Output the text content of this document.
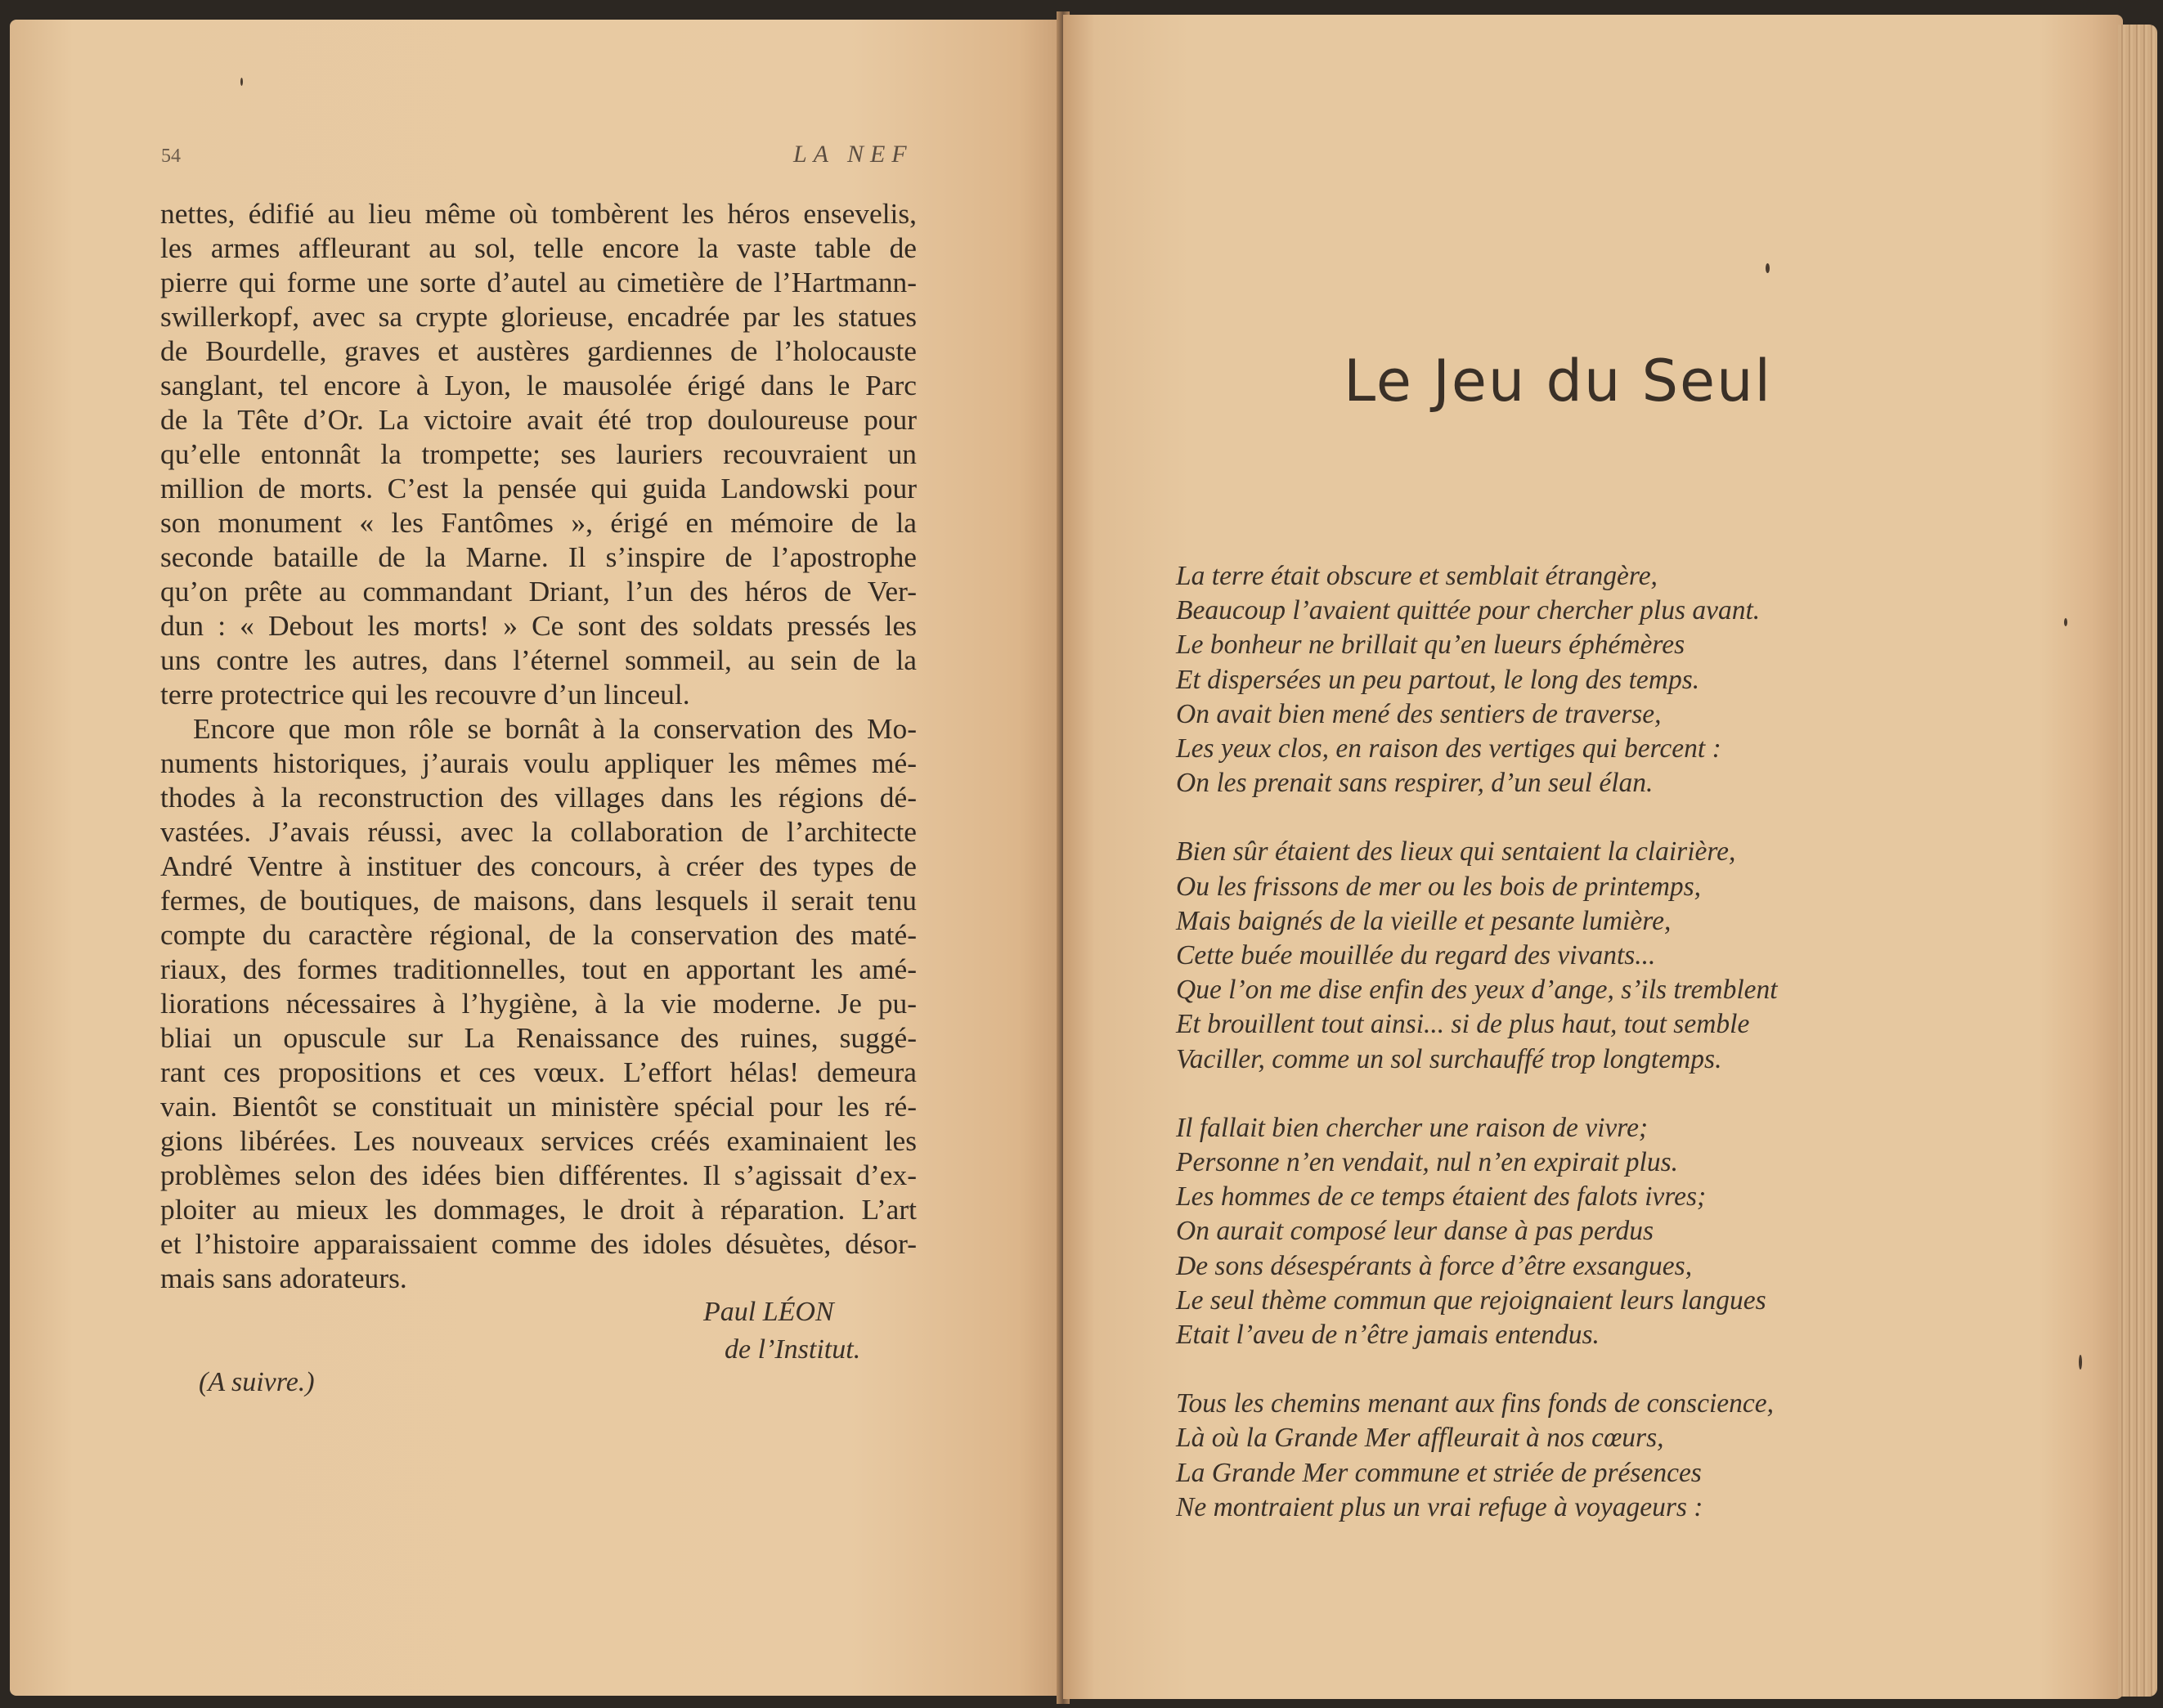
54	LA NEF
nettes, édifié au lieu même où tombèrent les héros ensevelis,
les armes affleurant au sol, telle encore la vaste table de
pierre qui forme une sorte d’autel au cimetière de l’Hartmann-
swillerkopf, avec sa crypte glorieuse, encadrée par les statues
de Bourdelle, graves et austères gardiennes de l’holocauste
sanglant, tel encore à Lyon, le mausolée érigé dans le Parc
de la Tête d’Or. La victoire avait été trop douloureuse pour
qu’elle entonnât la trompette; ses lauriers recouvraient un
million de morts. C’est la pensée qui guida Landowski pour
son monument « les Fantômes », érigé en mémoire de la
seconde bataille de la Marne. Il s’inspire de l’apostrophe
qu’on prête au commandant Driant, l’un des héros de Ver-
dun : « Debout les morts! » Ce sont des soldats pressés les
uns contre les autres, dans l’éternel sommeil, au sein de la
terre protectrice qui les recouvre d’un linceul.
Encore que mon rôle se bornât à la conservation des Mo-
numents historiques, j’aurais voulu appliquer les mêmes mé-
thodes à la reconstruction des villages dans les régions dé-
vastées. J’avais réussi, avec la collaboration de l’architecte
André Ventre à instituer des concours, à créer des types de
fermes, de boutiques, de maisons, dans lesquels il serait tenu
compte du caractère régional, de la conservation des maté-
riaux, des formes traditionnelles, tout en apportant les amé-
liorations nécessaires à l’hygiène, à la vie moderne. Je pu-
bliai un opuscule sur La Renaissance des ruines, suggé-
rant ces propositions et ces vœux. L’effort hélas! demeura
vain. Bientôt se constituait un ministère spécial pour les ré-
gions libérées. Les nouveaux services créés examinaient les
problèmes selon des idées bien différentes. Il s’agissait d’ex-
ploiter au mieux les dommages, le droit à réparation. L’art
et l’histoire apparaissaient comme des idoles désuètes, désor-
mais sans adorateurs.
Paul LÉON
de l’Institut.
(A suivre.)
Le Jeu du Seul
La terre était obscure et semblait étrangère,
Beaucoup l’avaient quittée pour chercher plus avant.
Le bonheur ne brillait qu’en lueurs éphémères
Et dispersées un peu partout, le long des temps.
On avait bien mené des sentiers de traverse,
Les yeux clos, en raison des vertiges qui bercent :
On les prenait sans respirer, d’un seul élan.
Bien sûr étaient des lieux qui sentaient la clairière,
Ou les frissons de mer ou les bois de printemps,
Mais baignés de la vieille et pesante lumière,
Cette buée mouillée du regard des vivants...
Que l’on me dise enfin des yeux d’ange, s’ils tremblent
Et brouillent tout ainsi... si de plus haut, tout semble
Vaciller, comme un sol surchauffé trop longtemps.
Il fallait bien chercher une raison de vivre;
Personne n’en vendait, nul n’en expirait plus.
Les hommes de ce temps étaient des falots ivres;
On aurait composé leur danse à pas perdus
De sons désespérants à force d’être exsangues,
Le seul thème commun que rejoignaient leurs langues
Etait l’aveu de n’être jamais entendus.
Tous les chemins menant aux fins fonds de conscience,
Là où la Grande Mer affleurait à nos cœurs,
La Grande Mer commune et striée de présences
Ne montraient plus un vrai refuge à voyageurs :
